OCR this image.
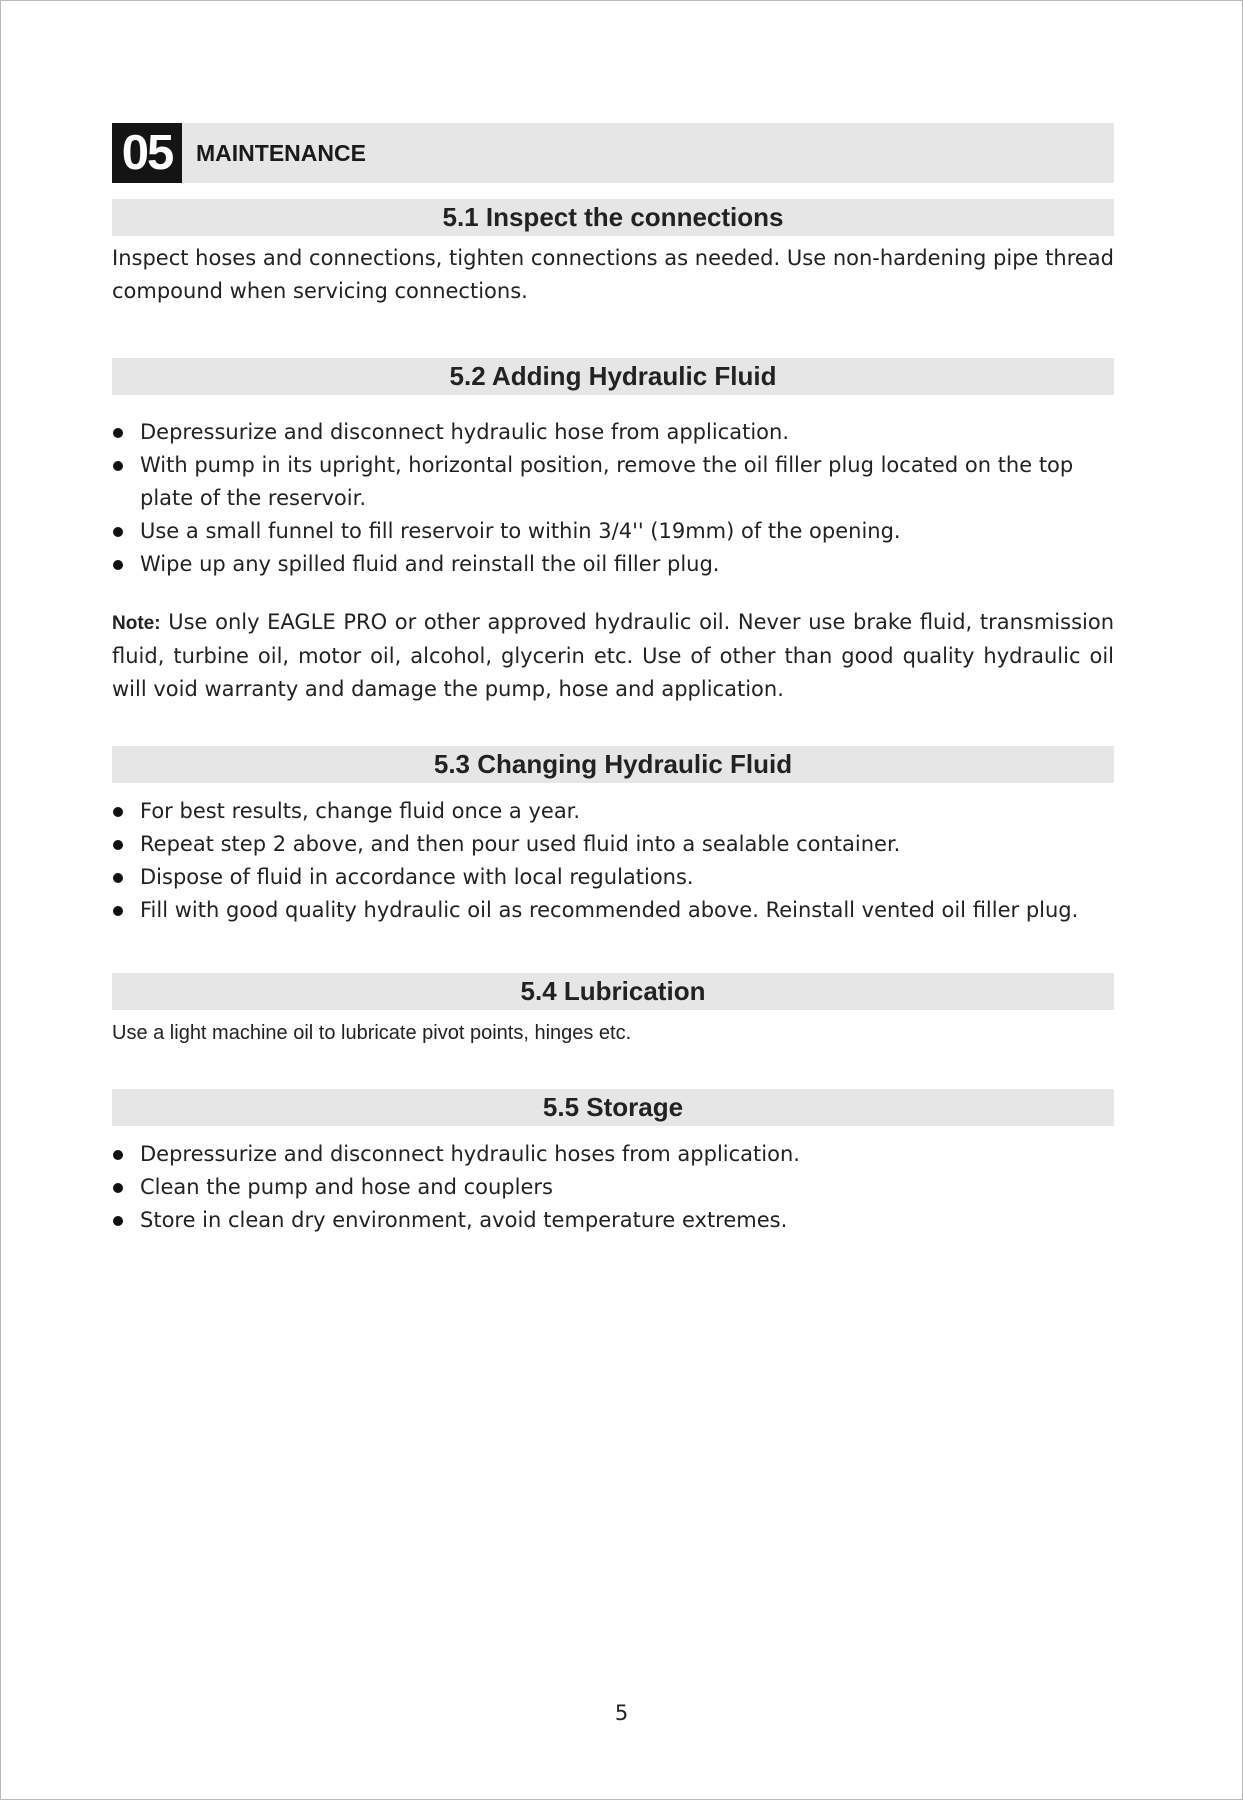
05	MAINTENANCE
5.1 Inspect the connections

Inspect hoses and connections, tighten connections as needed. Use non-hardening pipe thread compound when servicing connections.

5.2 Adding Hydraulic Fluid
Depressurize and disconnect hydraulic hose from application.
With pump in its upright, horizontal position, remove the oil filler plug located on the top plate of the reservoir.
Use a small funnel to fill reservoir to within 3/4'' (19mm) of the opening.
Wipe up any spilled fluid and reinstall the oil filler plug.

Note: Use only EAGLE PRO or other approved hydraulic oil. Never use brake fluid, transmission fluid, turbine oil, motor oil, alcohol, glycerin etc. Use of other than good quality hydraulic oil will void warranty and damage the pump, hose and application.

5.3 Changing Hydraulic Fluid
For best results, change fluid once a year.
Repeat step 2 above, and then pour used fluid into a sealable container.
Dispose of fluid in accordance with local regulations.
Fill with good quality hydraulic oil as recommended above. Reinstall vented oil filler plug.
5.4 Lubrication

Use a light machine oil to lubricate pivot points, hinges etc.

5.5 Storage
Depressurize and disconnect hydraulic hoses from application.
Clean the pump and hose and couplers
Store in clean dry environment, avoid temperature extremes.
5
